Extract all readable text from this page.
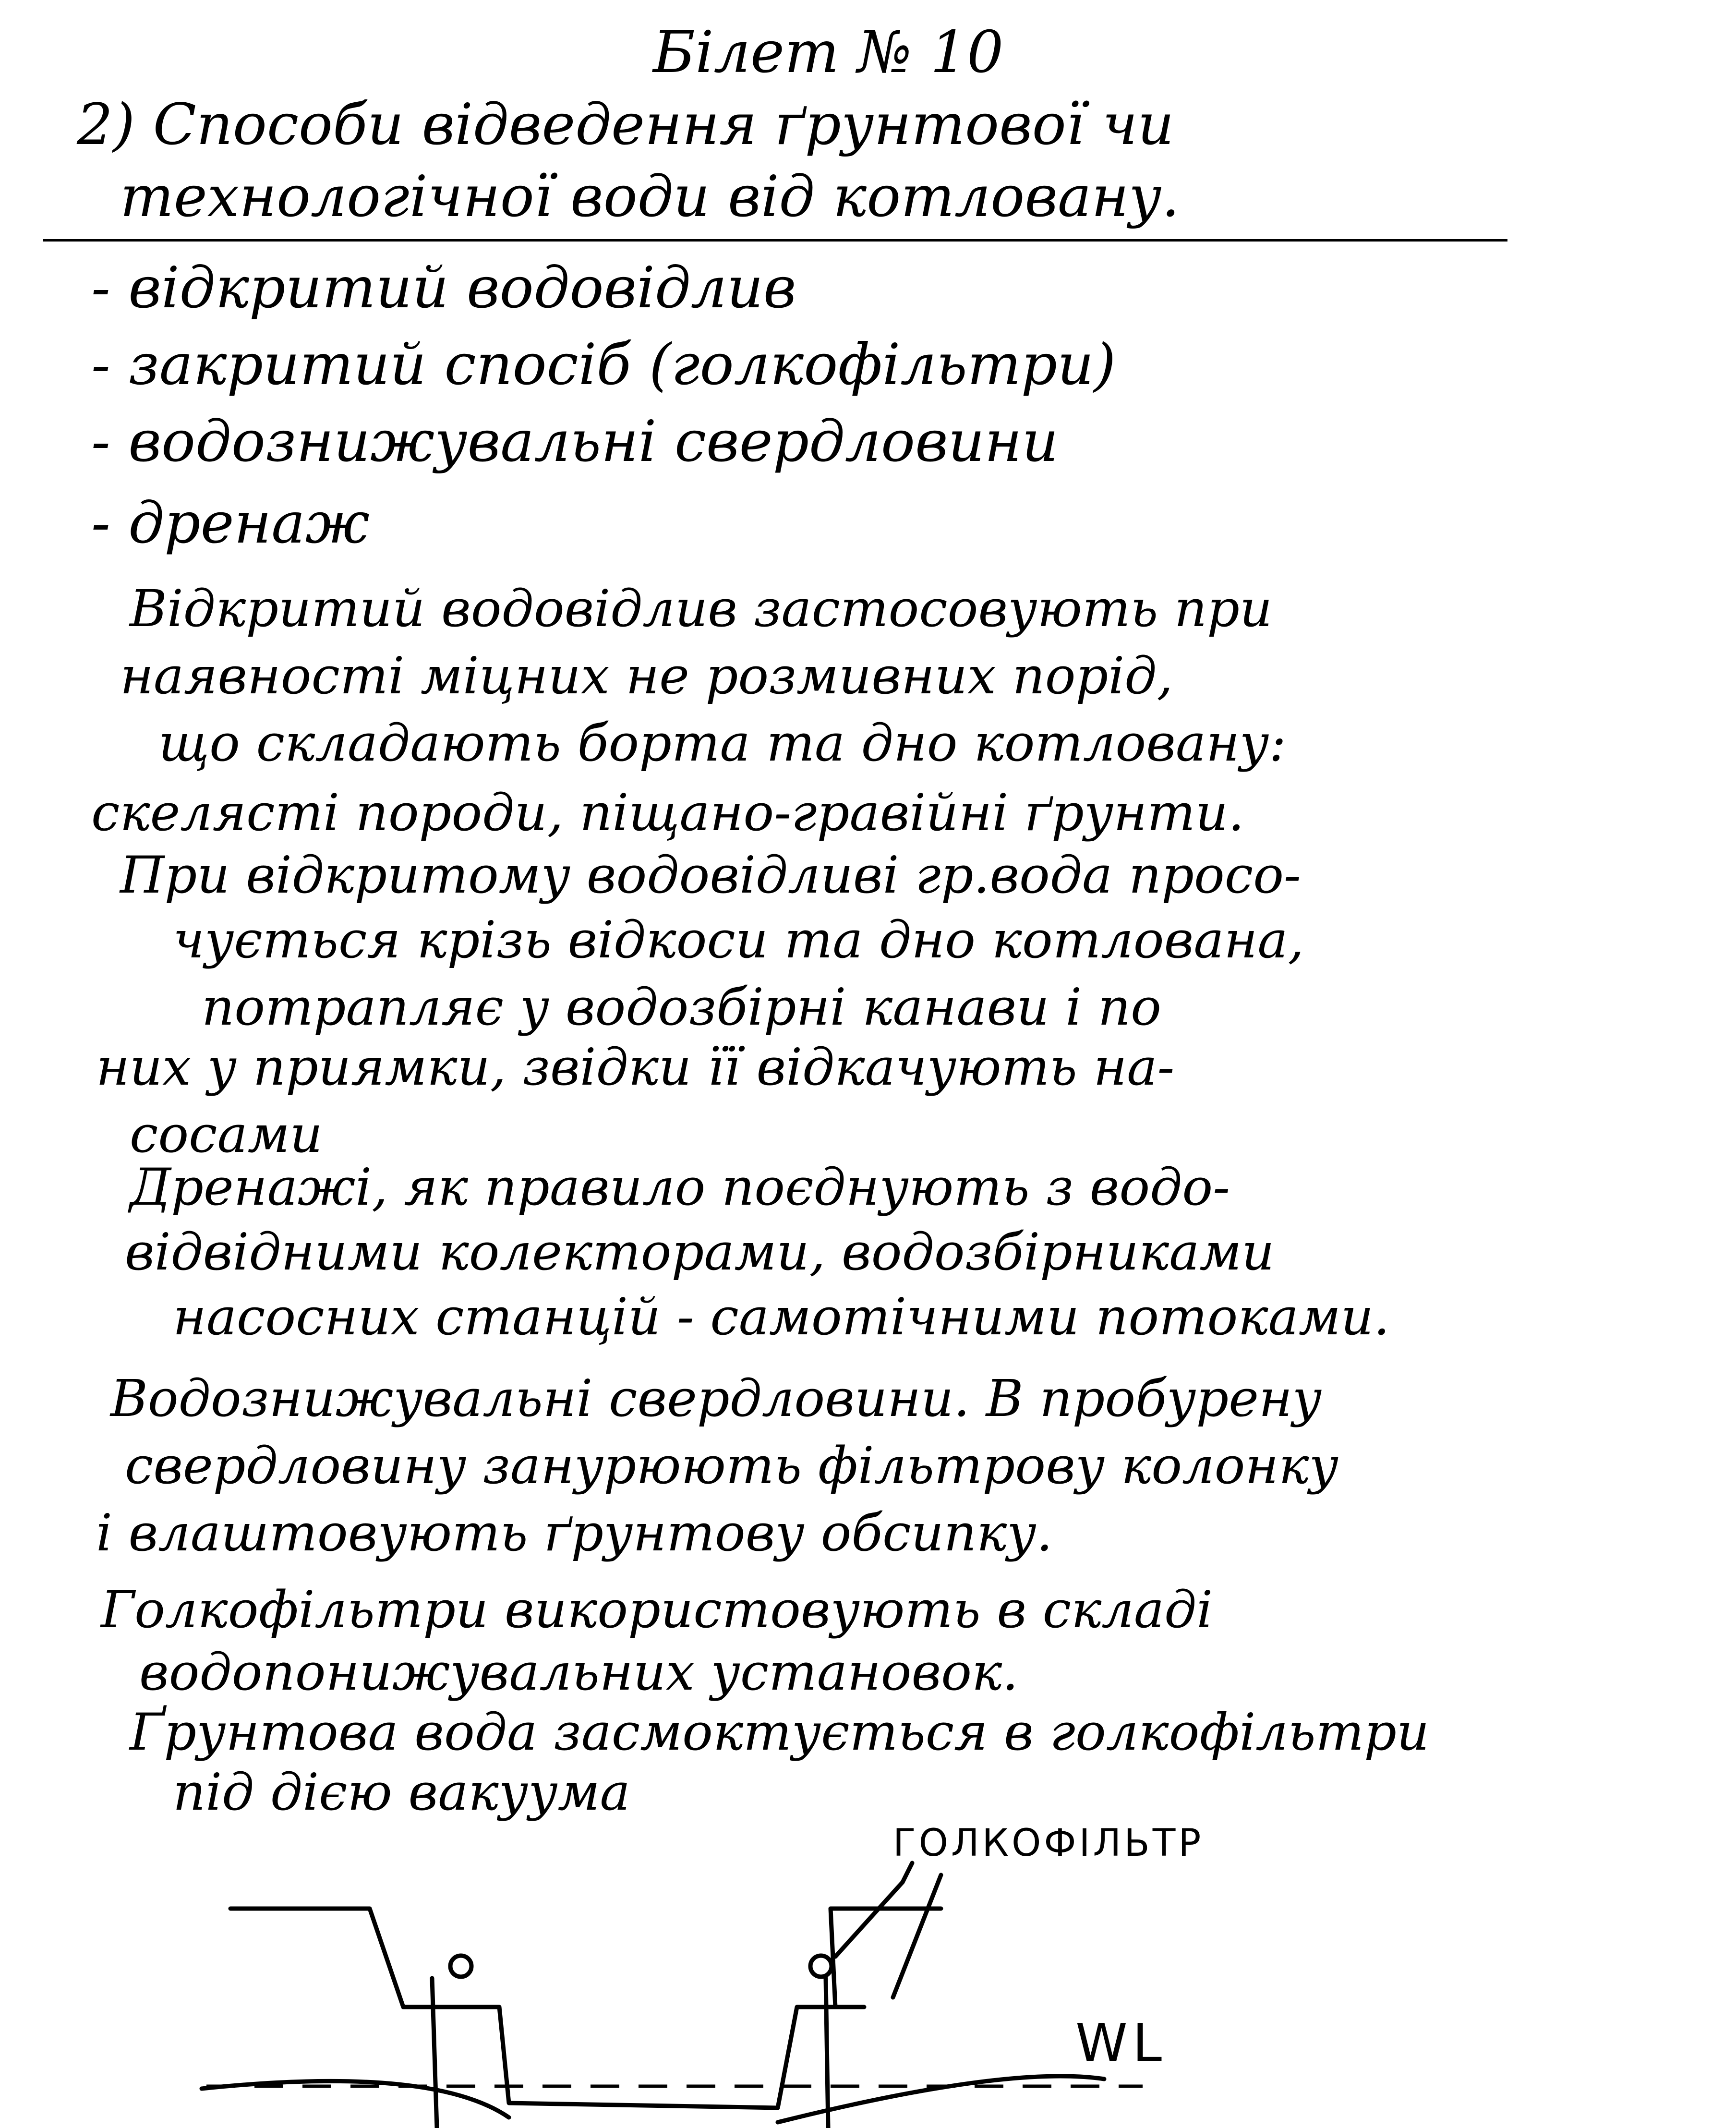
Білет № 10
2) Способи відведення ґрунтової чи
технологічної води від котловану.
- відкритий водовідлив
- закритий спосіб (голкофільтри)
- водознижувальні свердловини
- дренаж
Відкритий водовідлив застосовують при
наявності міцних не розмивних порід,
що складають борта та дно котловану:
скелясті породи, піщано-гравійні ґрунти.
При відкритому водовідливі гр.вода просо-
чується крізь відкоси та дно котлована,
потрапляє у водозбірні канави і по
них у приямки, звідки її відкачують на-
сосами
Дренажі, як правило поєднують з водо-
відвідними колекторами, водозбірниками
насосних станцій - самотічними потоками.
Водознижувальні свердловини. В пробурену
свердловину занурюють фільтрову колонку
і влаштовують ґрунтову обсипку.
Голкофільтри використовують в складі
водопонижувальних установок.
Ґрунтова вода засмоктується в голкофільтри
під дією вакуума
ГОЛКОФІЛЬТР
WL
